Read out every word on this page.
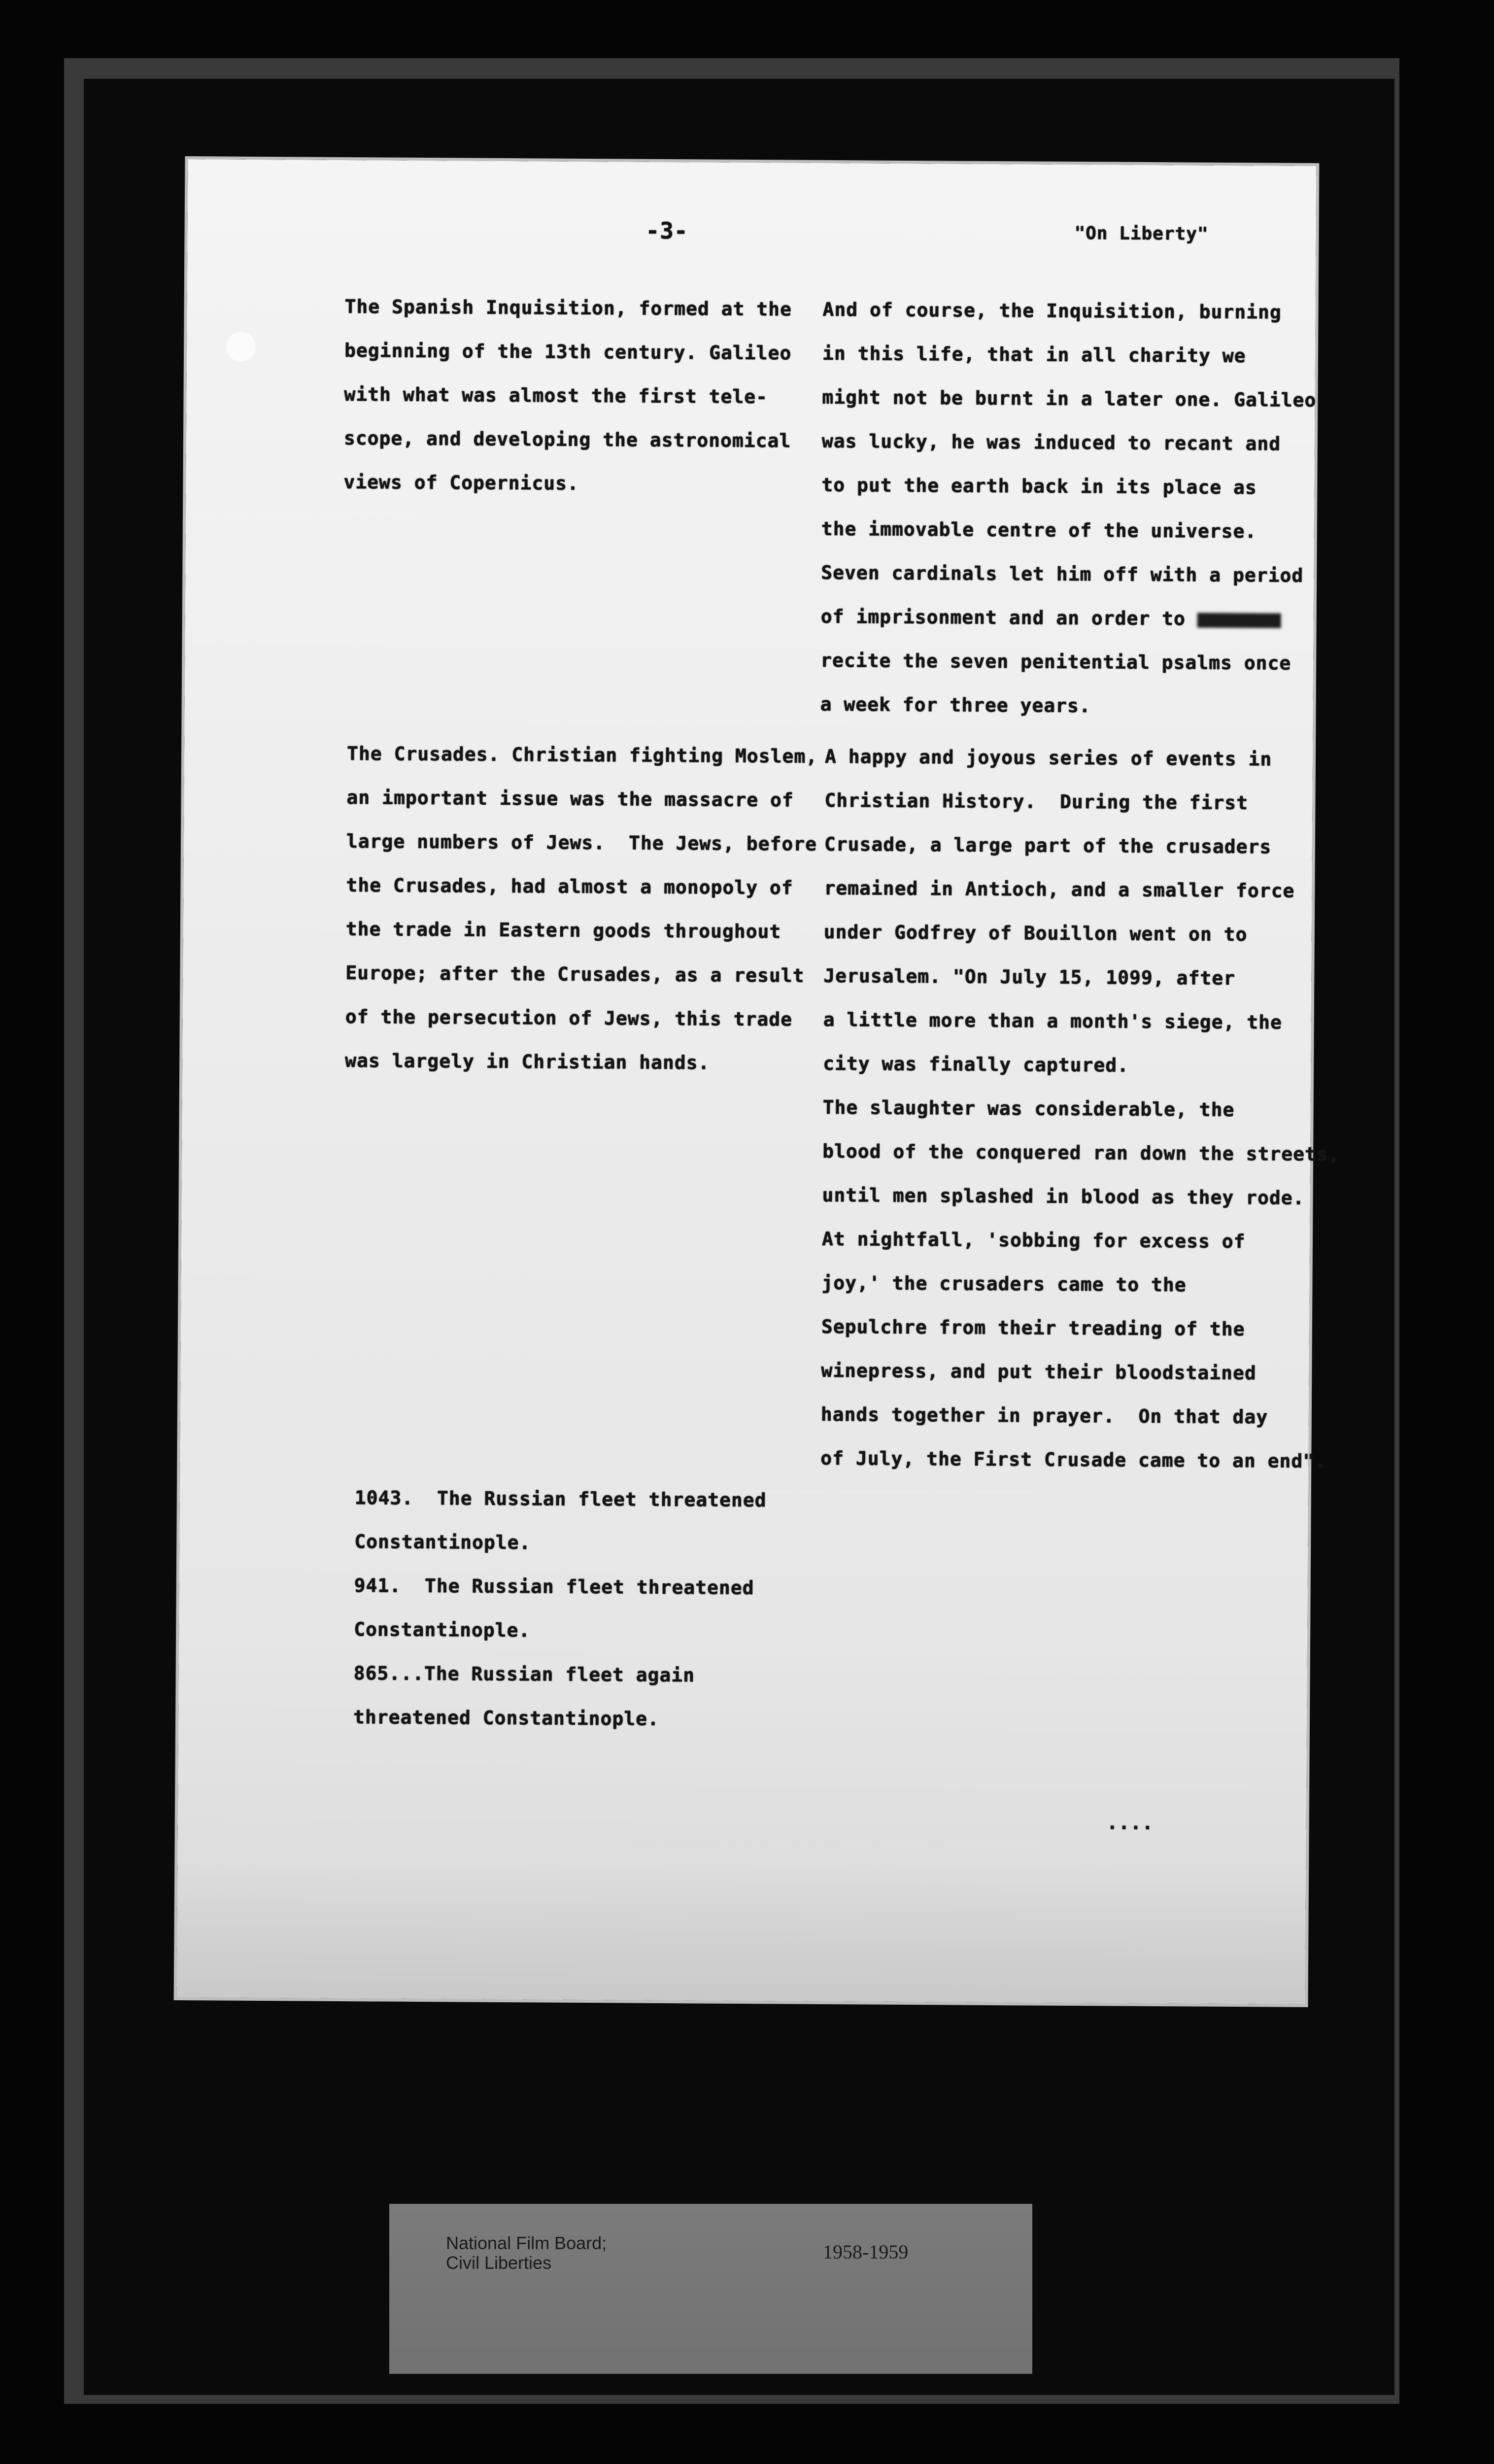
-3-	"On Liberty"
The Spanish Inquisition, formed at the
beginning of the 13th century. Galileo
with what was almost the first tele-
scope, and developing the astronomical
views of Copernicus.
And of course, the Inquisition, burning
in this life, that in all charity we
might not be burnt in a later one. Galileo
was lucky, he was induced to recant and
to put the earth back in its place as
the immovable centre of the universe.
Seven cardinals let him off with a period
of imprisonment and an order to
recite the seven penitential psalms once
a week for three years.
The Crusades. Christian fighting Moslem,
an important issue was the massacre of
large numbers of Jews.  The Jews, before
the Crusades, had almost a monopoly of
the trade in Eastern goods throughout
Europe; after the Crusades, as a result
of the persecution of Jews, this trade
was largely in Christian hands.
A happy and joyous series of events in
Christian History.  During the first
Crusade, a large part of the crusaders
remained in Antioch, and a smaller force
under Godfrey of Bouillon went on to
Jerusalem. "On July 15, 1099, after
a little more than a month's siege, the
city was finally captured.
The slaughter was considerable, the
blood of the conquered ran down the streets,
until men splashed in blood as they rode.
At nightfall, 'sobbing for excess of
joy,' the crusaders came to the
Sepulchre from their treading of the
winepress, and put their bloodstained
hands together in prayer.  On that day
of July, the First Crusade came to an end".
1043.  The Russian fleet threatened
Constantinople.
941.  The Russian fleet threatened
Constantinople.
865...The Russian fleet again
threatened Constantinople.
....
National Film Board;
Civil Liberties	1958-1959
